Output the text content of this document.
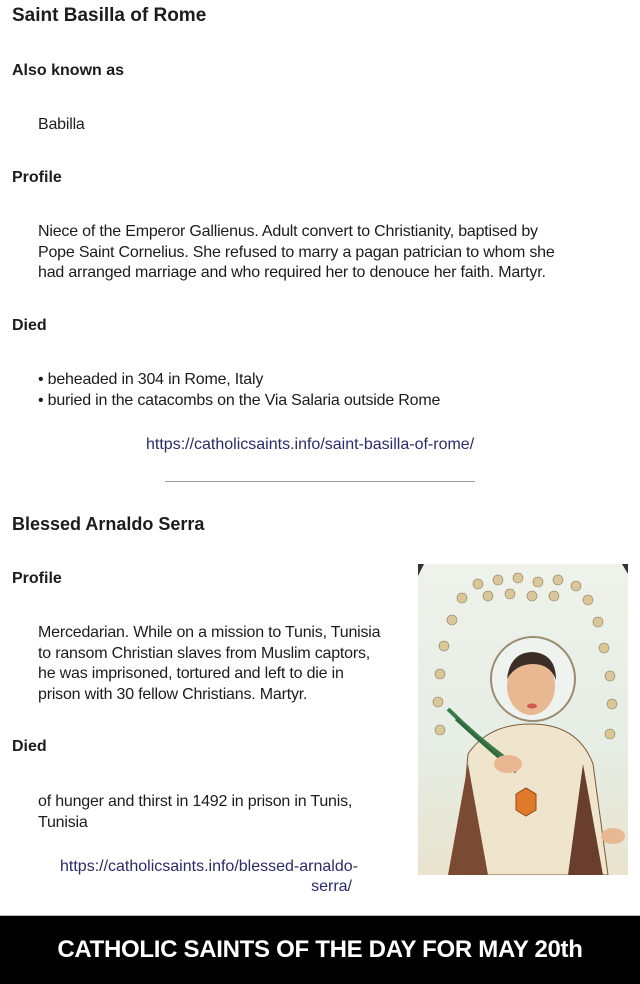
Saint Basilla of Rome
Also known as
Babilla
Profile
Niece of the Emperor Gallienus. Adult convert to Christianity, baptised by
Pope Saint Cornelius. She refused to marry a pagan patrician to whom she
had arranged marriage and who required her to denouce her faith. Martyr.
Died
• beheaded in 304 in Rome, Italy
• buried in the catacombs on the Via Salaria outside Rome
https://catholicsaints.info/saint-basilla-of-rome/
Blessed Arnaldo Serra
Profile
Mercedarian. While on a mission to Tunis, Tunisia
to ransom Christian slaves from Muslim captors,
he was imprisoned, tortured and left to die in
prison with 30 fellow Christians. Martyr.
Died
of hunger and thirst in 1492 in prison in Tunis,
Tunisia
https://catholicsaints.info/blessed-arnaldo-
serra/
CATHOLIC SAINTS OF THE DAY FOR MAY 20th
